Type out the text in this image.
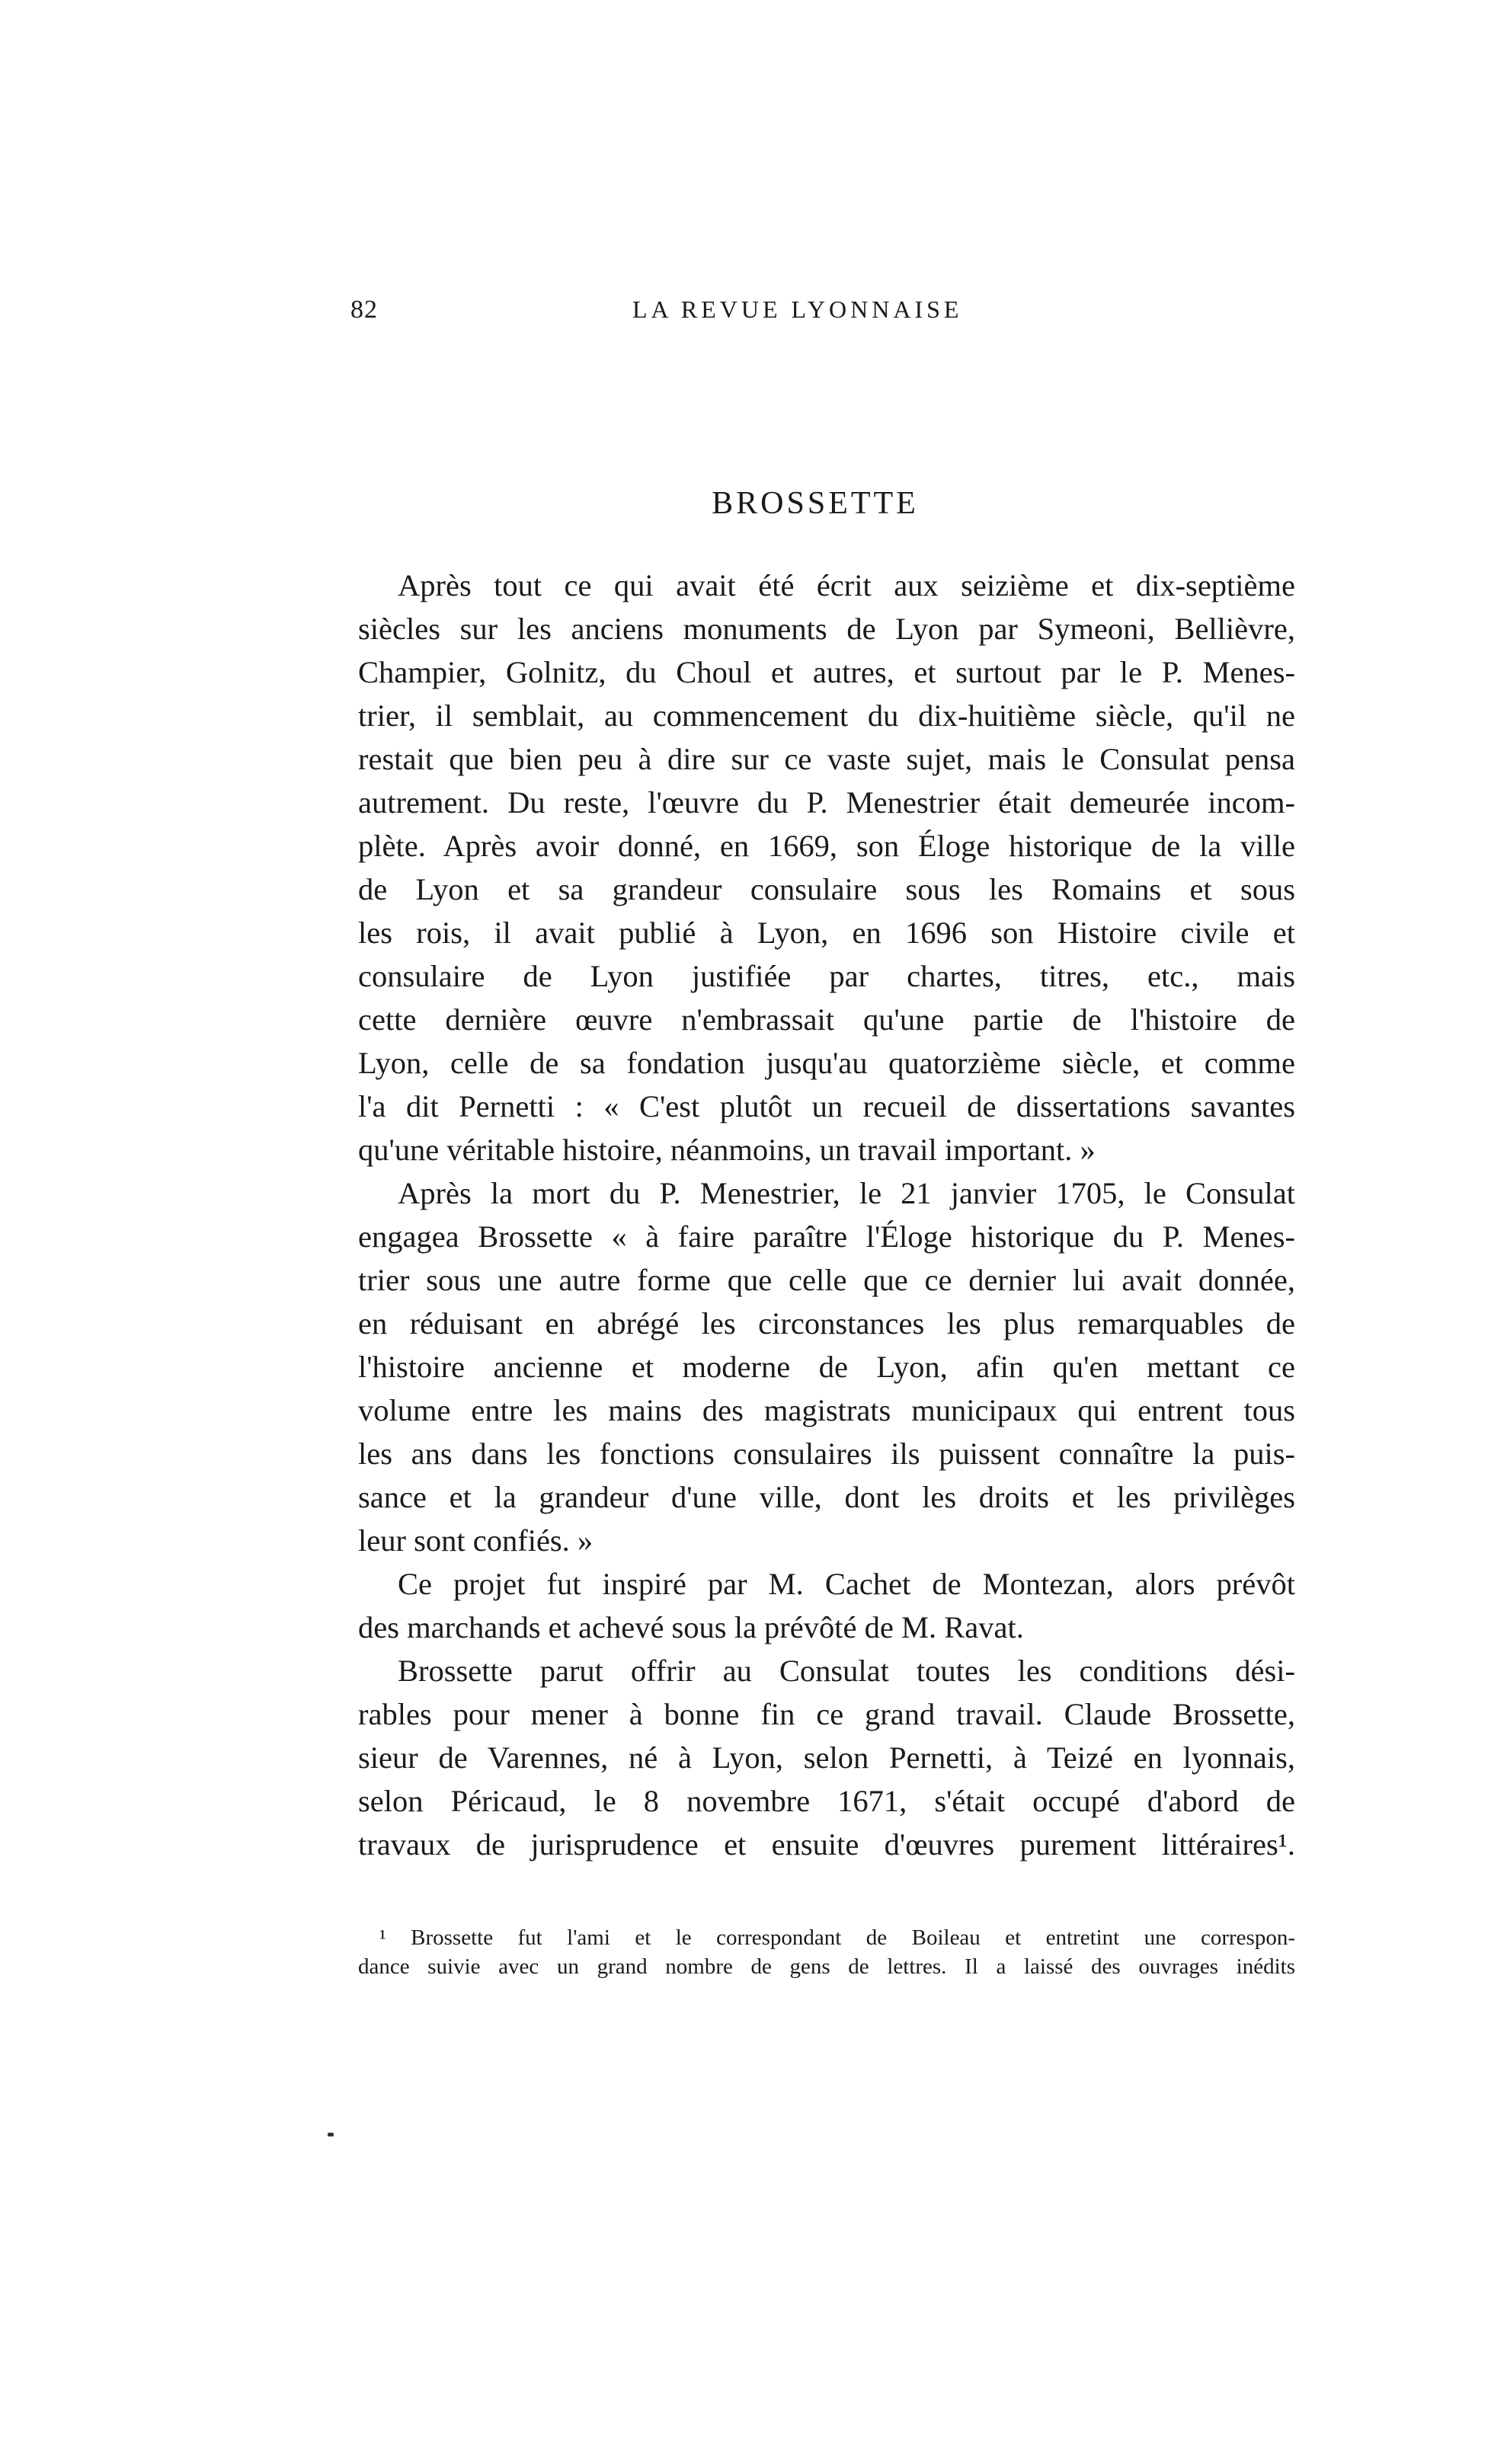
82	LA REVUE LYONNAISE
BROSSETTE
Après tout ce qui avait été écrit aux seizième et dix-septième
siècles sur les anciens monuments de Lyon par Symeoni, Bellièvre,
Champier, Golnitz, du Choul et autres, et surtout par le P. Menes-
trier, il semblait, au commencement du dix-huitième siècle, qu'il ne
restait que bien peu à dire sur ce vaste sujet, mais le Consulat pensa
autrement. Du reste, l'œuvre du P. Menestrier était demeurée incom-
plète. Après avoir donné, en 1669, son Éloge historique de la ville
de Lyon et sa grandeur consulaire sous les Romains et sous
les rois, il avait publié à Lyon, en 1696 son Histoire civile et
consulaire de Lyon justifiée par chartes, titres, etc., mais
cette dernière œuvre n'embrassait qu'une partie de l'histoire de
Lyon, celle de sa fondation jusqu'au quatorzième siècle, et comme
l'a dit Pernetti : « C'est plutôt un recueil de dissertations savantes
qu'une véritable histoire, néanmoins, un travail important. »
Après la mort du P. Menestrier, le 21 janvier 1705, le Consulat
engagea Brossette « à faire paraître l'Éloge historique du P. Menes-
trier sous une autre forme que celle que ce dernier lui avait donnée,
en réduisant en abrégé les circonstances les plus remarquables de
l'histoire ancienne et moderne de Lyon, afin qu'en mettant ce
volume entre les mains des magistrats municipaux qui entrent tous
les ans dans les fonctions consulaires ils puissent connaître la puis-
sance et la grandeur d'une ville, dont les droits et les privilèges
leur sont confiés. »
Ce projet fut inspiré par M. Cachet de Montezan, alors prévôt
des marchands et achevé sous la prévôté de M. Ravat.
Brossette parut offrir au Consulat toutes les conditions dési-
rables pour mener à bonne fin ce grand travail. Claude Brossette,
sieur de Varennes, né à Lyon, selon Pernetti, à Teizé en lyonnais,
selon Péricaud, le 8 novembre 1671, s'était occupé d'abord de
travaux de jurisprudence et ensuite d'œuvres purement littéraires¹.
¹ Brossette fut l'ami et le correspondant de Boileau et entretint une correspon-
dance suivie avec un grand nombre de gens de lettres. Il a laissé des ouvrages inédits
